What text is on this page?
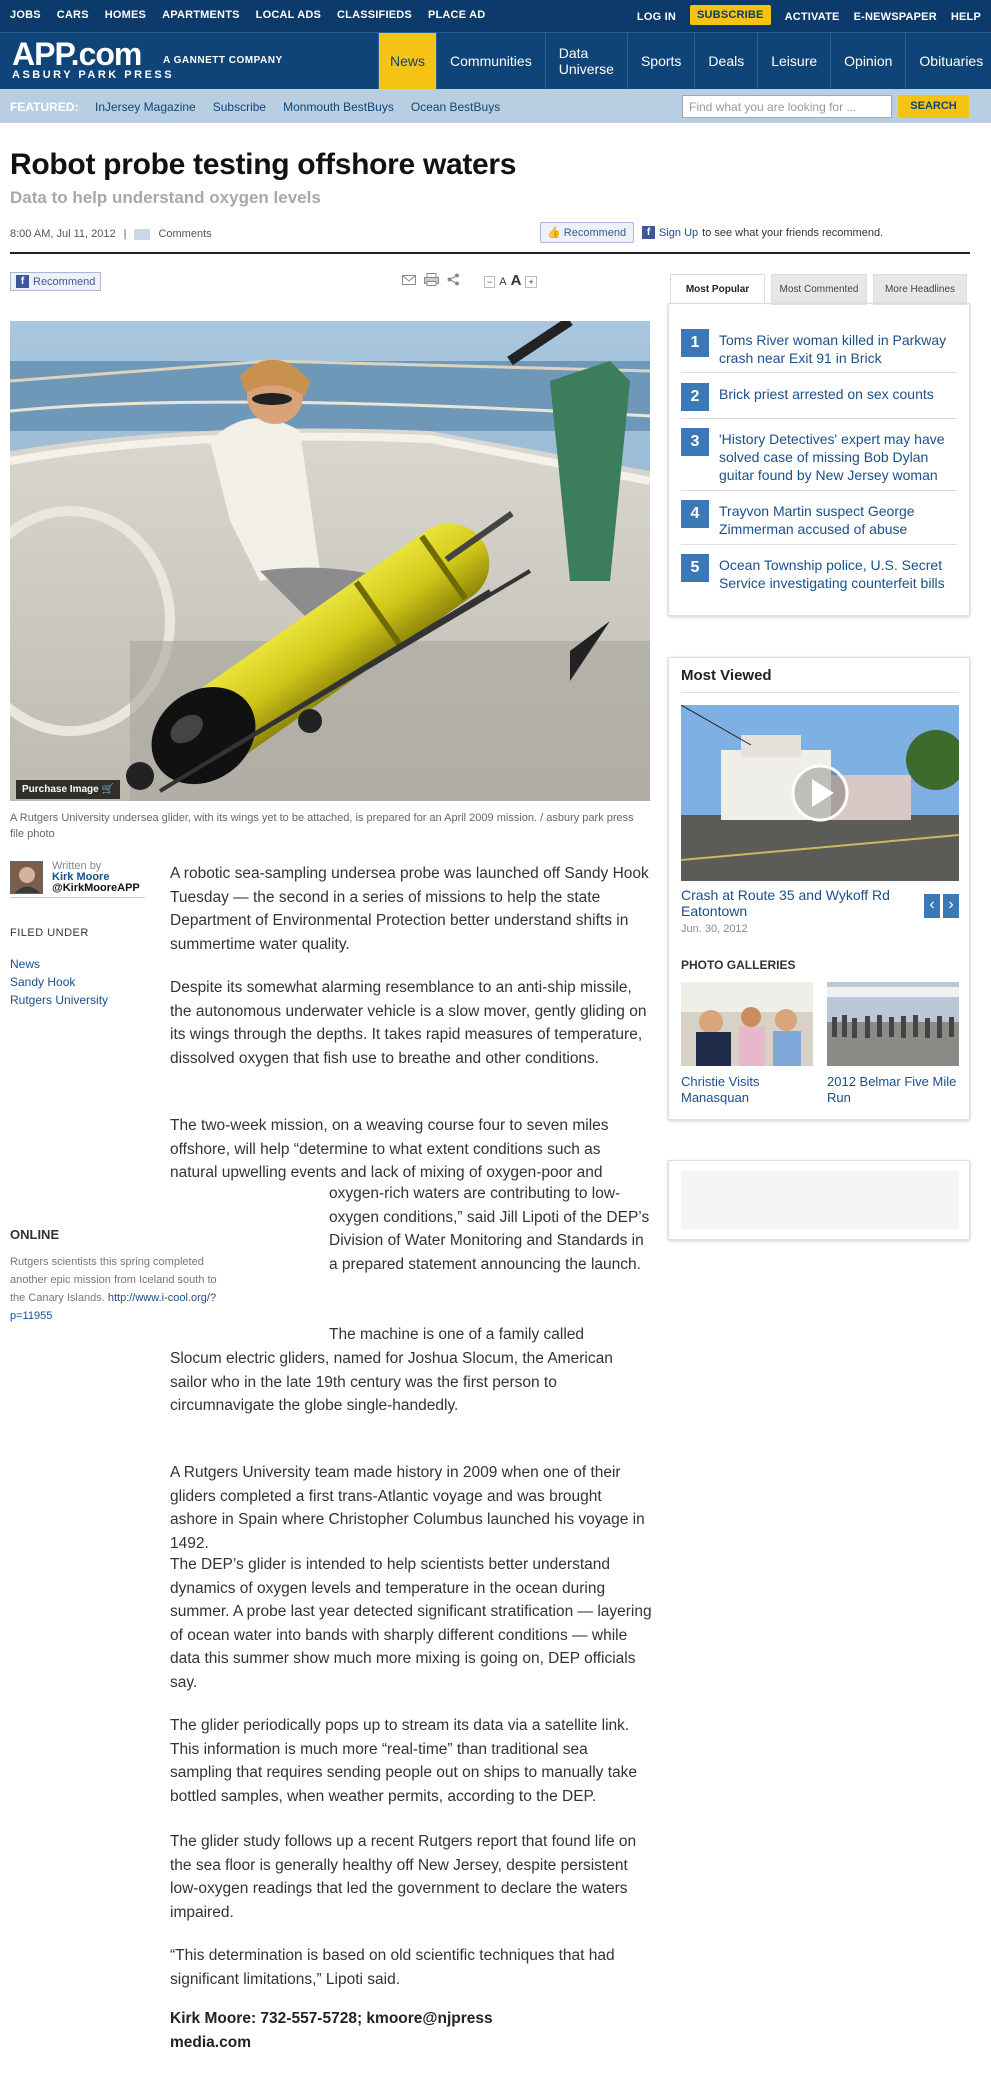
JOBS CARS HOMES APARTMENTS LOCAL ADS CLASSIFIEDS PLACE AD	LOG IN	SUBSCRIBE	ACTIVATE E-NEWSPAPER HELP
APP.com
ASBURY PARK PRESS
A GANNETT COMPANY	News	Communities	Data Universe	Sports	Deals	Leisure	Opinion	Obituaries
FEATURED: InJersey Magazine Subscribe Monmouth BestBuys Ocean BestBuys	Find what you are looking for ...	SEARCH
Robot probe testing offshore waters
Data to help understand oxygen levels
8:00 AM, Jul 11, 2012 |	Comments	👍 Recommend	f Sign Up to see what your friends recommend.
f Recommend	− A A +
Purchase Image 🛒
A Rutgers University undersea glider, with its wings yet to be attached, is prepared for an April 2009 mission. / asbury park press file photo
Written by
Kirk Moore
@KirkMooreAPP
FILED UNDER
News
Sandy Hook
Rutgers University
ONLINE
Rutgers scientists this spring completed another epic mission from Iceland south to the Canary Islands. http://www.i-cool.org/?p=11955
A robotic sea-sampling undersea probe was launched off Sandy Hook Tuesday — the second in a series of missions to help the state Department of Environmental Protection better understand shifts in summertime water quality.
Despite its somewhat alarming resemblance to an anti-ship missile, the autonomous underwater vehicle is a slow mover, gently gliding on its wings through the depths. It takes rapid measures of temperature, dissolved oxygen that fish use to breathe and other conditions.
The two-week mission, on a weaving course four to seven miles offshore, will help “determine to what extent conditions such as natural upwelling events and lack of mixing of oxygen-poor and
oxygen-rich waters are contributing to low-oxygen conditions,” said Jill Lipoti of the DEP’s Division of Water Monitoring and Standards in a prepared statement announcing the launch.
The machine is one of a family called
Slocum electric gliders, named for Joshua Slocum, the American sailor who in the late 19th century was the first person to circumnavigate the globe single-handedly.
A Rutgers University team made history in 2009 when one of their gliders completed a first trans-Atlantic voyage and was brought ashore in Spain where Christopher Columbus launched his voyage in 1492.
The DEP’s glider is intended to help scientists better understand dynamics of oxygen levels and temperature in the ocean during summer. A probe last year detected significant stratification — layering of ocean water into bands with sharply different conditions — while data this summer show much more mixing is going on, DEP officials say.
The glider periodically pops up to stream its data via a satellite link. This information is much more “real-time” than traditional sea sampling that requires sending people out on ships to manually take bottled samples, when weather permits, according to the DEP.
The glider study follows up a recent Rutgers report that found life on the sea floor is generally healthy off New Jersey, despite persistent low-oxygen readings that led the government to declare the waters impaired.
“This determination is based on old scientific techniques that had significant limitations,” Lipoti said.
Kirk Moore: 732-557-5728; kmoore@njpress media.com
Most Popular	Most Commented	More Headlines
1	Toms River woman killed in Parkway crash near Exit 91 in Brick
2	Brick priest arrested on sex counts
3	'History Detectives' expert may have solved case of missing Bob Dylan guitar found by New Jersey woman
4	Trayvon Martin suspect George Zimmerman accused of abuse
5	Ocean Township police, U.S. Secret Service investigating counterfeit bills
Most Viewed
Crash at Route 35 and Wykoff Rd Eatontown
Jun. 30, 2012
‹ ›
PHOTO GALLERIES
Christie Visits Manasquan
2012 Belmar Five Mile Run
